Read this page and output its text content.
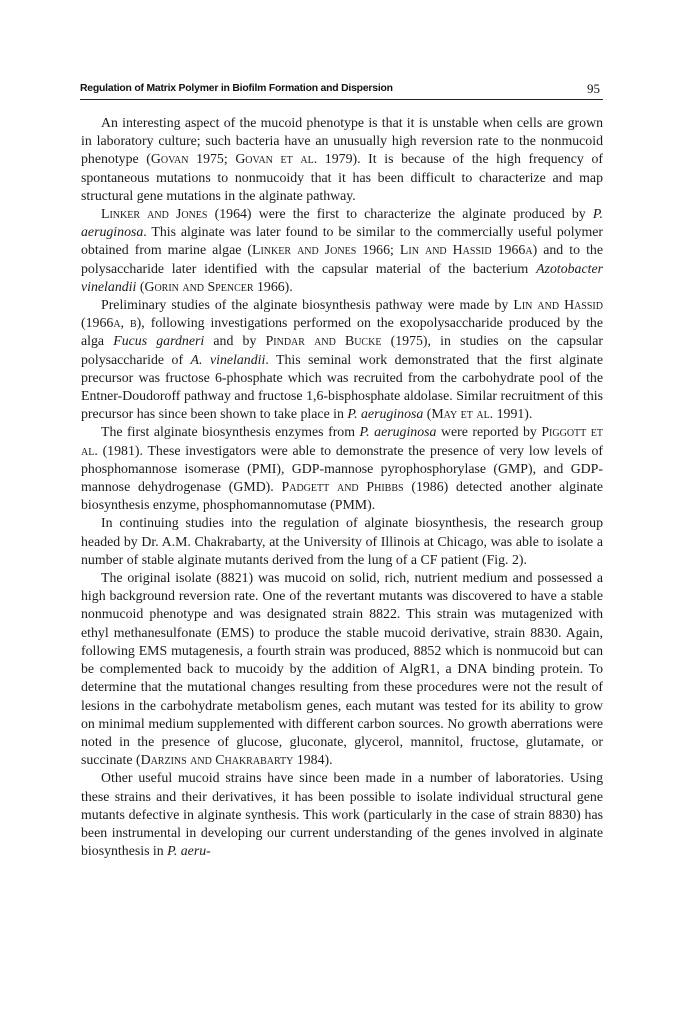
Regulation of Matrix Polymer in Biofilm Formation and Dispersion	95

An interesting aspect of the mucoid phenotype is that it is unstable when cells are grown in laboratory culture; such bacteria have an unusually high reversion rate to the nonmucoid phenotype (Govan 1975; Govan et al. 1979). It is because of the high frequency of spontaneous mutations to nonmucoidy that it has been difficult to characterize and map structural gene mutations in the alginate pathway.

Linker and Jones (1964) were the first to characterize the alginate produced by P. aeruginosa. This alginate was later found to be similar to the commercially useful polymer obtained from marine algae (Linker and Jones 1966; Lin and Hassid 1966a) and to the polysaccharide later identified with the capsular material of the bacterium Azotobacter vinelandii (Gorin and Spencer 1966).

Preliminary studies of the alginate biosynthesis pathway were made by Lin and Hassid (1966a, b), following investigations performed on the exopolysaccharide produced by the alga Fucus gardneri and by Pindar and Bucke (1975), in studies on the capsular polysaccharide of A. vinelandii. This seminal work demonstrated that the first alginate precursor was fructose 6-phosphate which was recruited from the carbohydrate pool of the Entner-Doudoroff pathway and fructose 1,6-bisphosphate aldolase. Similar recruitment of this precursor has since been shown to take place in P. aeruginosa (May et al. 1991).

The first alginate biosynthesis enzymes from P. aeruginosa were reported by Piggott et al. (1981). These investigators were able to demonstrate the presence of very low levels of phosphomannose isomerase (PMI), GDP-mannose pyrophosphorylase (GMP), and GDP-mannose dehydrogenase (GMD). Padgett and Phibbs (1986) detected another alginate biosynthesis enzyme, phosphomannomutase (PMM).

In continuing studies into the regulation of alginate biosynthesis, the research group headed by Dr. A.M. Chakrabarty, at the University of Illinois at Chicago, was able to isolate a number of stable alginate mutants derived from the lung of a CF patient (Fig. 2).

The original isolate (8821) was mucoid on solid, rich, nutrient medium and possessed a high background reversion rate. One of the revertant mutants was discovered to have a stable nonmucoid phenotype and was designated strain 8822. This strain was mutagenized with ethyl methanesulfonate (EMS) to produce the stable mucoid derivative, strain 8830. Again, following EMS mutagenesis, a fourth strain was produced, 8852 which is nonmucoid but can be complemented back to mucoidy by the addition of AlgR1, a DNA binding protein. To determine that the mutational changes resulting from these procedures were not the result of lesions in the carbohydrate metabolism genes, each mutant was tested for its ability to grow on minimal medium supplemented with different carbon sources. No growth aberrations were noted in the presence of glucose, gluconate, glycerol, mannitol, fructose, glutamate, or succinate (Darzins and Chakrabarty 1984).

Other useful mucoid strains have since been made in a number of laboratories. Using these strains and their derivatives, it has been possible to isolate individual structural gene mutants defective in alginate synthesis. This work (particularly in the case of strain 8830) has been instrumental in developing our current understanding of the genes involved in alginate biosynthesis in P. aeru-
